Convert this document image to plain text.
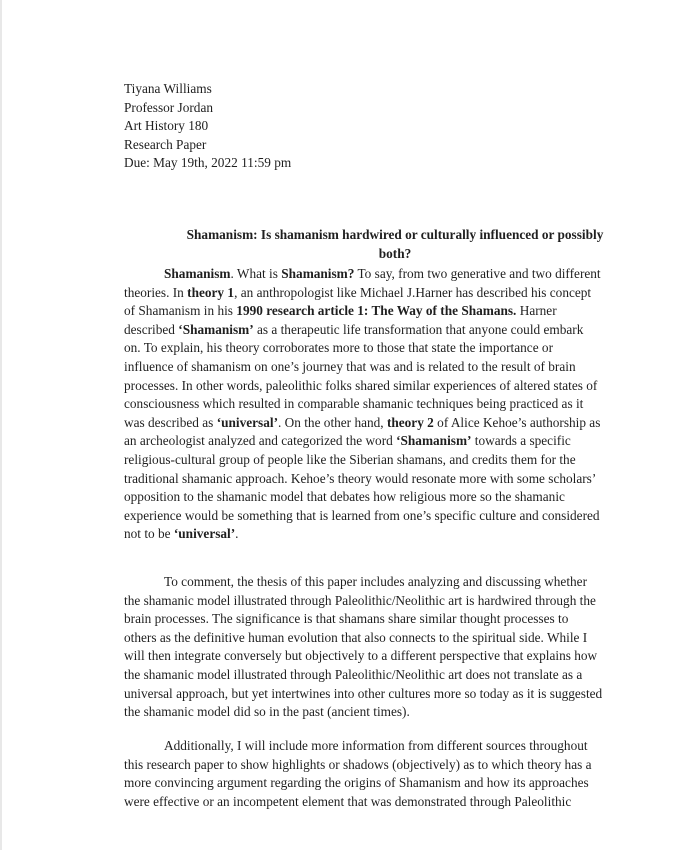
Tiyana Williams
Professor Jordan
Art History 180
Research Paper
Due: May 19th, 2022 11:59 pm
Shamanism: Is shamanism hardwired or culturally influenced or possibly
both?
Shamanism. What is Shamanism? To say, from two generative and two different
theories. In theory 1, an anthropologist like Michael J.Harner has described his concept
of Shamanism in his 1990 research article 1: The Way of the Shamans. Harner
described ‘Shamanism’ as a therapeutic life transformation that anyone could embark
on. To explain, his theory corroborates more to those that state the importance or
influence of shamanism on one’s journey that was and is related to the result of brain
processes. In other words, paleolithic folks shared similar experiences of altered states of
consciousness which resulted in comparable shamanic techniques being practiced as it
was described as ‘universal’. On the other hand, theory 2 of Alice Kehoe’s authorship as
an archeologist analyzed and categorized the word ‘Shamanism’ towards a specific
religious-cultural group of people like the Siberian shamans, and credits them for the
traditional shamanic approach. Kehoe’s theory would resonate more with some scholars’
opposition to the shamanic model that debates how religious more so the shamanic
experience would be something that is learned from one’s specific culture and considered
not to be ‘universal’.
To comment, the thesis of this paper includes analyzing and discussing whether
the shamanic model illustrated through Paleolithic/Neolithic art is hardwired through the
brain processes. The significance is that shamans share similar thought processes to
others as the definitive human evolution that also connects to the spiritual side. While I
will then integrate conversely but objectively to a different perspective that explains how
the shamanic model illustrated through Paleolithic/Neolithic art does not translate as a
universal approach, but yet intertwines into other cultures more so today as it is suggested
the shamanic model did so in the past (ancient times).
Additionally, I will include more information from different sources throughout
this research paper to show highlights or shadows (objectively) as to which theory has a
more convincing argument regarding the origins of Shamanism and how its approaches
were effective or an incompetent element that was demonstrated through Paleolithic
